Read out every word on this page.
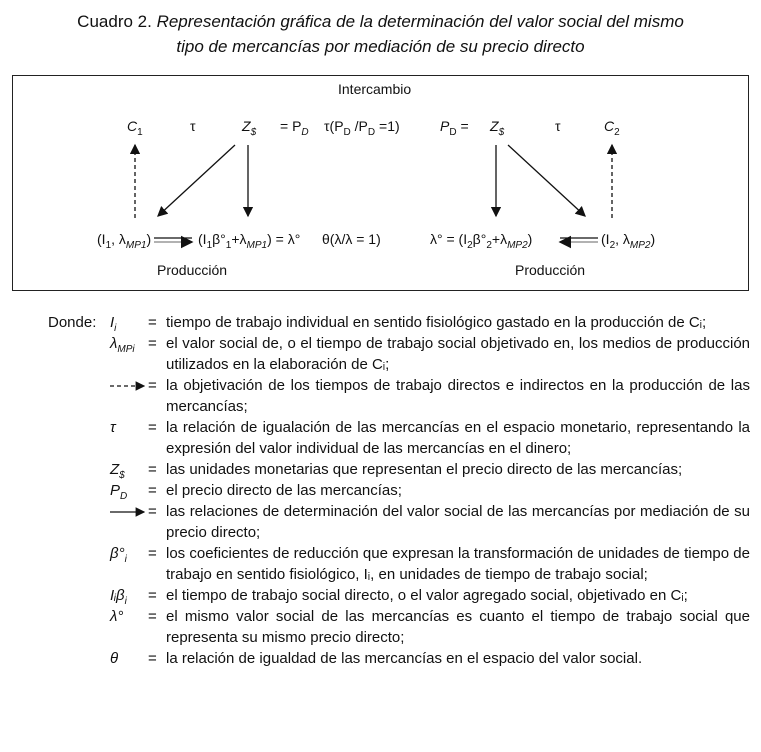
Cuadro 2. Representación gráfica de la determinación del valor social del mismo
tipo de mercancías por mediación de su precio directo
Intercambio
$C_1$	τ	$Z_{\$} = P_D$ $\tau(P_D$ $/P_D =1$)	$P_D = Z_{\$}$	τ	$C_2$
($I_1$, $\lambda_{MP1}$)	$(I_1\beta^\circ_1+\lambda_{MP1}) = \lambda^\circ$ θ(λ/λ = 1)	$\lambda^\circ = (I_2\beta^\circ_2+\lambda_{MP2})$	($I_2$, $\lambda_{MP2}$)
Producción	Producción
Donde: $I_i$ = tiempo de trabajo individual en sentido fisiológico gastado en la producción de Cᵢ;
$\lambda_{MPi}$ = el valor social de, o el tiempo de trabajo social objetivado en, los medios de producción utilizados en la elaboración de Cᵢ;
= la objetivación de los tiempos de trabajo directos e indirectos en la producción de las mercancías;
τ = la relación de igualación de las mercancías en el espacio monetario, representando la expresión del valor individual de las mercancías en el dinero;
$Z_{\$}$ = las unidades monetarias que representan el precio directo de las mercancías;
$P_D$ = el precio directo de las mercancías;
= las relaciones de determinación del valor social de las mercancías por mediación de su precio directo;
$\beta^\circ_i$ = los coeficientes de reducción que expresan la transformación de unidades de tiempo de trabajo en sentido fisiológico, Iᵢ, en unidades de tiempo de trabajo social;
Iᵢβ$_i$ = el tiempo de trabajo social directo, o el valor agregado social, objetivado en Cᵢ;
λ° = el mismo valor social de las mercancías es cuanto el tiempo de trabajo social que representa su mismo precio directo;
θ = la relación de igualdad de las mercancías en el espacio del valor social.
